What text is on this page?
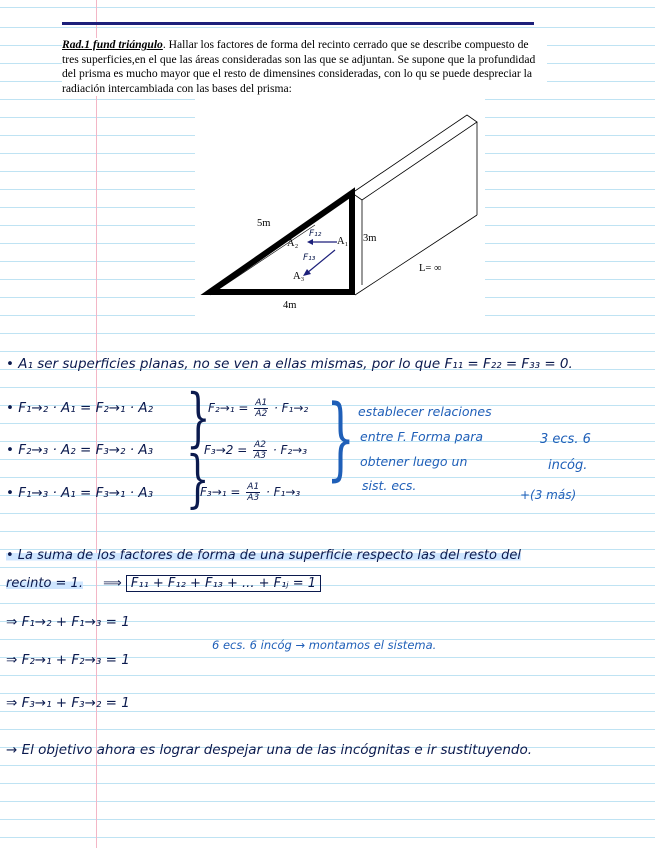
Rad.1 fund triángulo. Hallar los factores de forma del recinto cerrado que se describe compuesto de tres superficies,en el que las áreas consideradas son las que se adjuntan. Se supone que la profundidad del prisma es mucho mayor que el resto de dimensines consideradas, con lo qu se puede despreciar la radiación intercambiada con las bases del prisma:
5m
3m
4m
L= ∞
A₁
A₂
A₃
F₁₂
F₁₃
• A₁ ser superficies planas, no se ven a ellas mismas, por lo que F₁₁ = F₂₂ = F₃₃ = 0.
• F₁→₂ · A₁ = F₂→₁ · A₂
• F₂→₃ · A₂ = F₃→₂ · A₃
• F₁→₃ · A₁ = F₃→₁ · A₃
}
}
$F_2\to_1 = \frac{A1}{A2} \cdot F_1\to_2$
$F_3\to 2 = \frac{A2}{A3} \cdot F_2\to_3$
$F_3\to_1 = \frac{A1}{A3} \cdot F_1\to_3$
} establecer relaciones
entre F. Forma para
obtener luego un
sist. ecs.
3 ecs. 6
incóg.
+(3 más)
• La suma de los factores de forma de una superficie respecto las del resto del
recinto = 1. ⟹ F₁₁ + F₁₂ + F₁₃ + ... + F₁ⱼ = 1
⇒ F₁→₂ + F₁→₃ = 1
⇒ F₂→₁ + F₂→₃ = 1
⇒ F₃→₁ + F₃→₂ = 1
6 ecs. 6 incóg → montamos el sistema.
→ El objetivo ahora es lograr despejar una de las incógnitas e ir sustituyendo.
